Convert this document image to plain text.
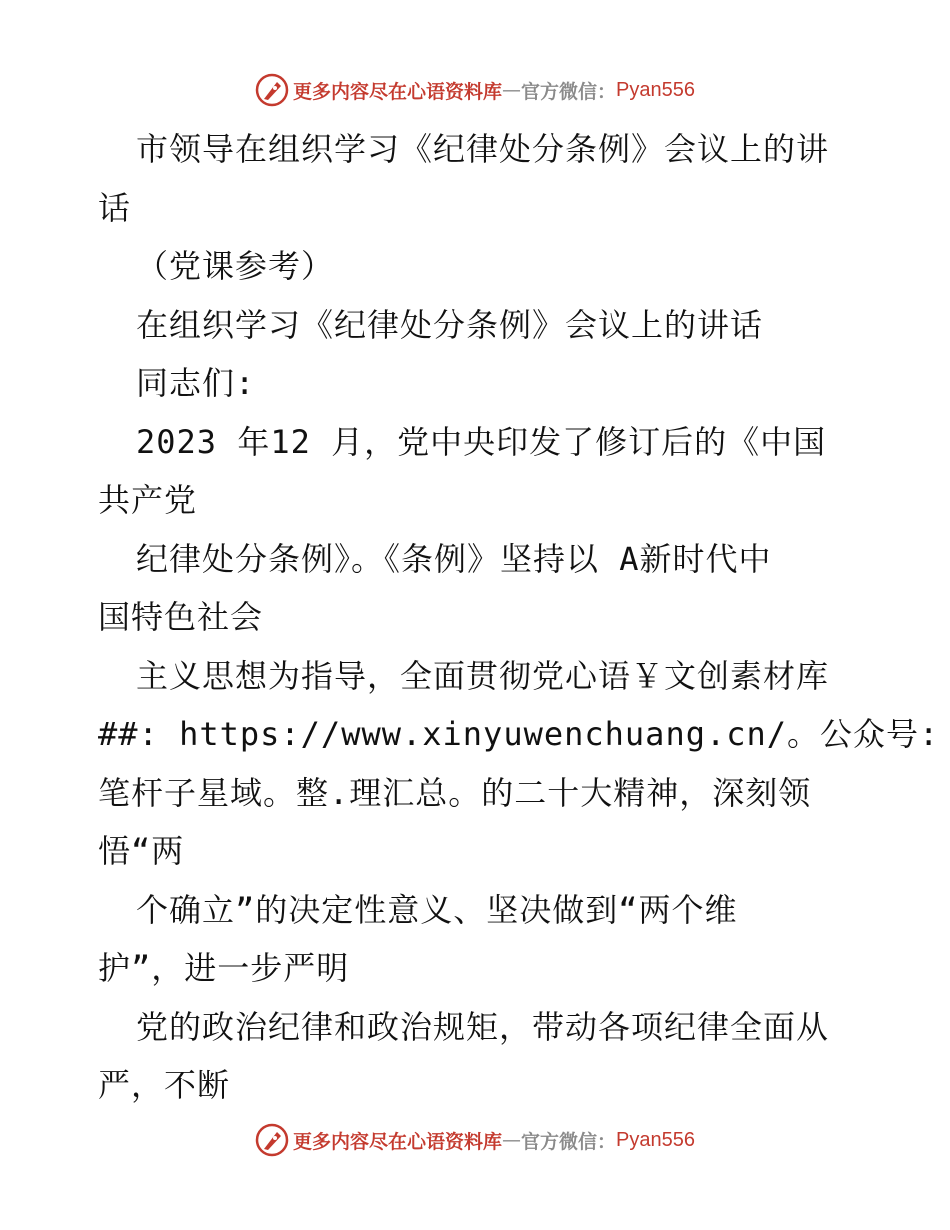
更多内容尽在心语资料库 — 官方微信： Pyan556
市领导在组织学习《纪律处分条例》会议上的讲
话
（党课参考）
在组织学习《纪律处分条例》会议上的讲话
同志们:
2023 年12 月，党中央印发了修订后的《中国
共产党
纪律处分条例》。《条例》坚持以 A新时代中
国特色社会
主义思想为指导，全面贯彻党心语￥文创素材库
##: https://www.xinyuwenchuang.cn/。公众号:
笔杆子星域。整.理汇总。的二十大精神，深刻领
悟“两
个确立”的决定性意义、坚决做到“两个维
护”，进一步严明
党的政治纪律和政治规矩，带动各项纪律全面从
严，不断
更多内容尽在心语资料库 — 官方微信： Pyan556
